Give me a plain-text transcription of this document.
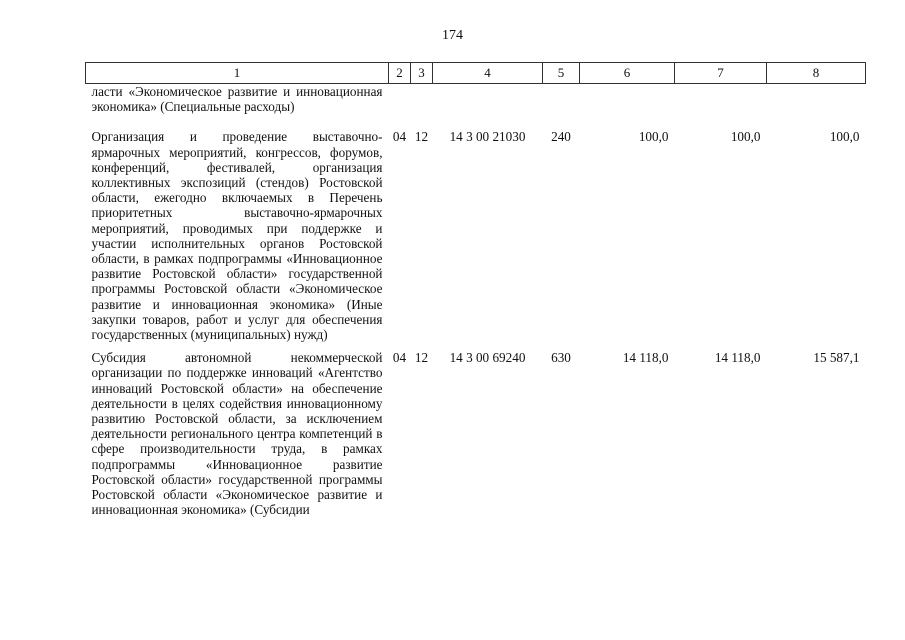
174
1	2	3	4	5	6	7	8

ласти «Экономическое развитие и инновационная экономика» (Специальные расходы)							

Организация и проведение выставочно-ярмарочных мероприятий, конгрессов, форумов, конференций, фестивалей, организация коллективных экспозиций (стендов) Ростовской области, ежегодно включаемых в Перечень приоритетных выставочно-ярмарочных мероприятий, проводимых при поддержке и участии исполнительных органов Ростовской области, в рамках подпрограммы «Инновационное развитие Ростовской области» государственной программы Ростовской области «Экономическое развитие и инновационная экономика» (Иные закупки товаров, работ и услуг для обеспечения государственных (муниципальных) нужд)	04	12	14 3 00 21030	240	100,0	100,0	100,0

Субсидия автономной некоммерческой организации по поддержке инноваций «Агентство инноваций Ростовской области» на обеспечение деятельности в целях содействия инновационному развитию Ростовской области, за исключением деятельности регионального центра компетенций в сфере производительности труда, в рамках подпрограммы «Инновационное развитие Ростовской области» государственной программы Ростовской области «Экономическое развитие и инновационная экономика» (Субсидии	04	12	14 3 00 69240	630	14 118,0	14 118,0	15 587,1
